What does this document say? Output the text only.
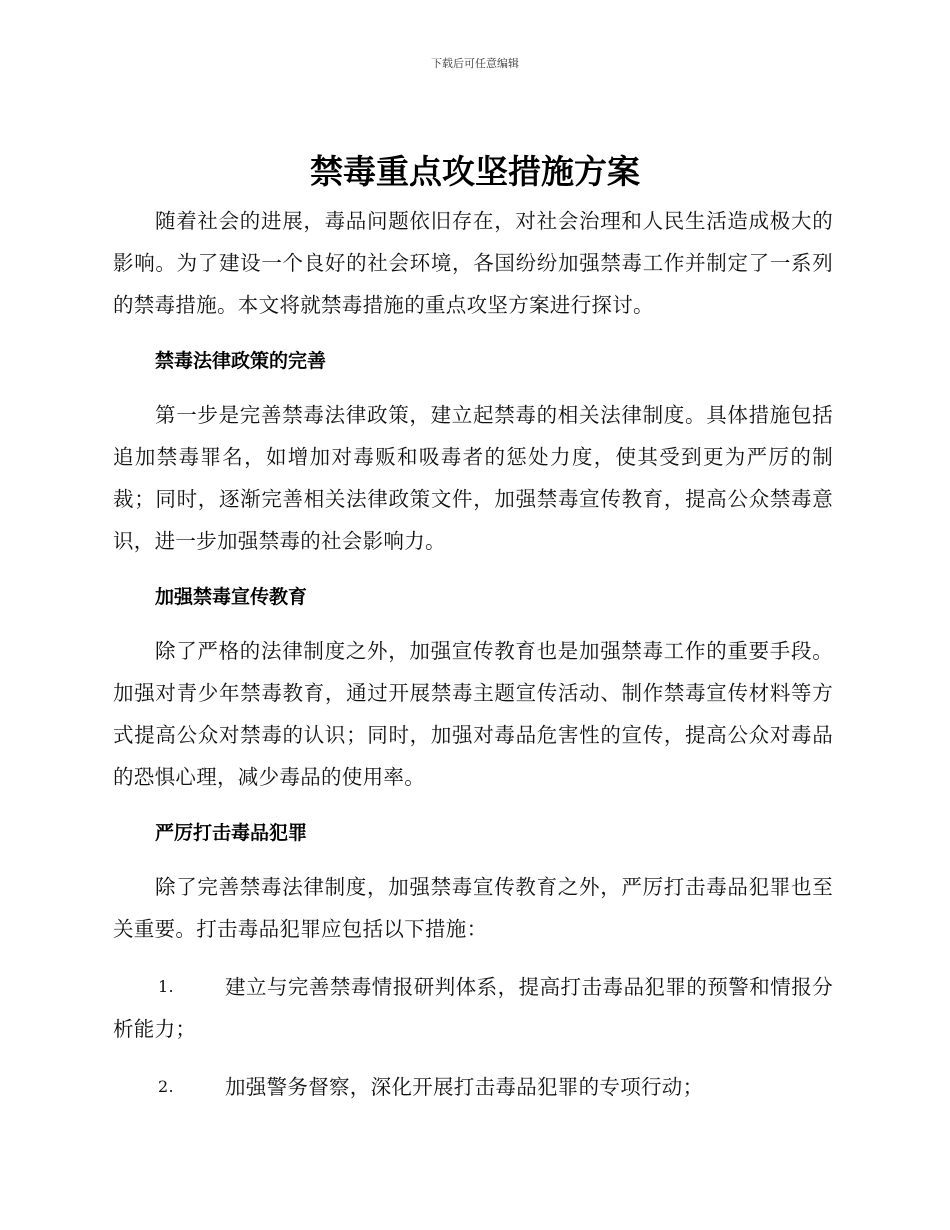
下载后可任意编辑
禁毒重点攻坚措施方案

随着社会的进展，毒品问题依旧存在，对社会治理和人民生活造成极大的影响。为了建设一个良好的社会环境，各国纷纷加强禁毒工作并制定了一系列的禁毒措施。本文将就禁毒措施的重点攻坚方案进行探讨。

禁毒法律政策的完善

第一步是完善禁毒法律政策，建立起禁毒的相关法律制度。具体措施包括追加禁毒罪名，如增加对毒贩和吸毒者的惩处力度，使其受到更为严厉的制裁；同时，逐渐完善相关法律政策文件，加强禁毒宣传教育，提高公众禁毒意识，进一步加强禁毒的社会影响力。

加强禁毒宣传教育

除了严格的法律制度之外，加强宣传教育也是加强禁毒工作的重要手段。加强对青少年禁毒教育，通过开展禁毒主题宣传活动、制作禁毒宣传材料等方式提高公众对禁毒的认识；同时，加强对毒品危害性的宣传，提高公众对毒品的恐惧心理，减少毒品的使用率。

严厉打击毒品犯罪

除了完善禁毒法律制度，加强禁毒宣传教育之外，严厉打击毒品犯罪也至关重要。打击毒品犯罪应包括以下措施：

1. 建立与完善禁毒情报研判体系，提高打击毒品犯罪的预警和情报分析能力；
2. 加强警务督察，深化开展打击毒品犯罪的专项行动；
